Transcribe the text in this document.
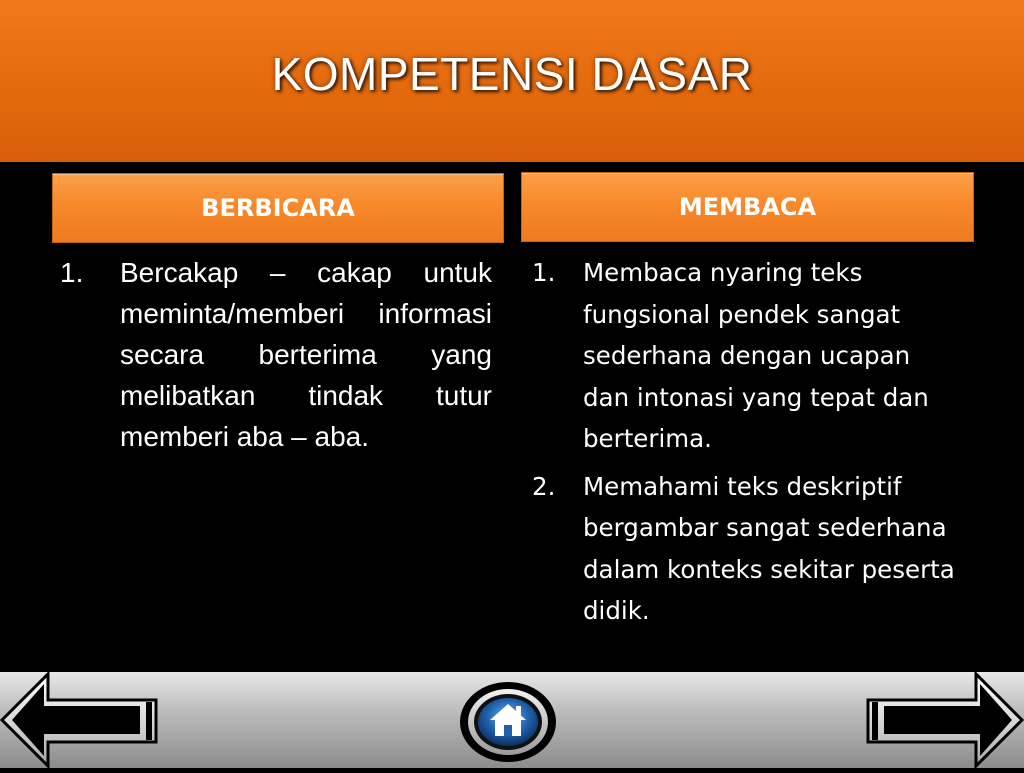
KOMPETENSI DASAR
BERBICARA	MEMBACA
1. Bercakap – cakap untuk meminta/memberi informasi secara berterima yang melibatkan tindak tutur memberi aba – aba.
1. Membaca nyaring teks fungsional pendek sangat sederhana dengan ucapan dan intonasi yang tepat dan berterima.
2. Memahami teks deskriptif bergambar sangat sederhana dalam konteks sekitar peserta didik.
